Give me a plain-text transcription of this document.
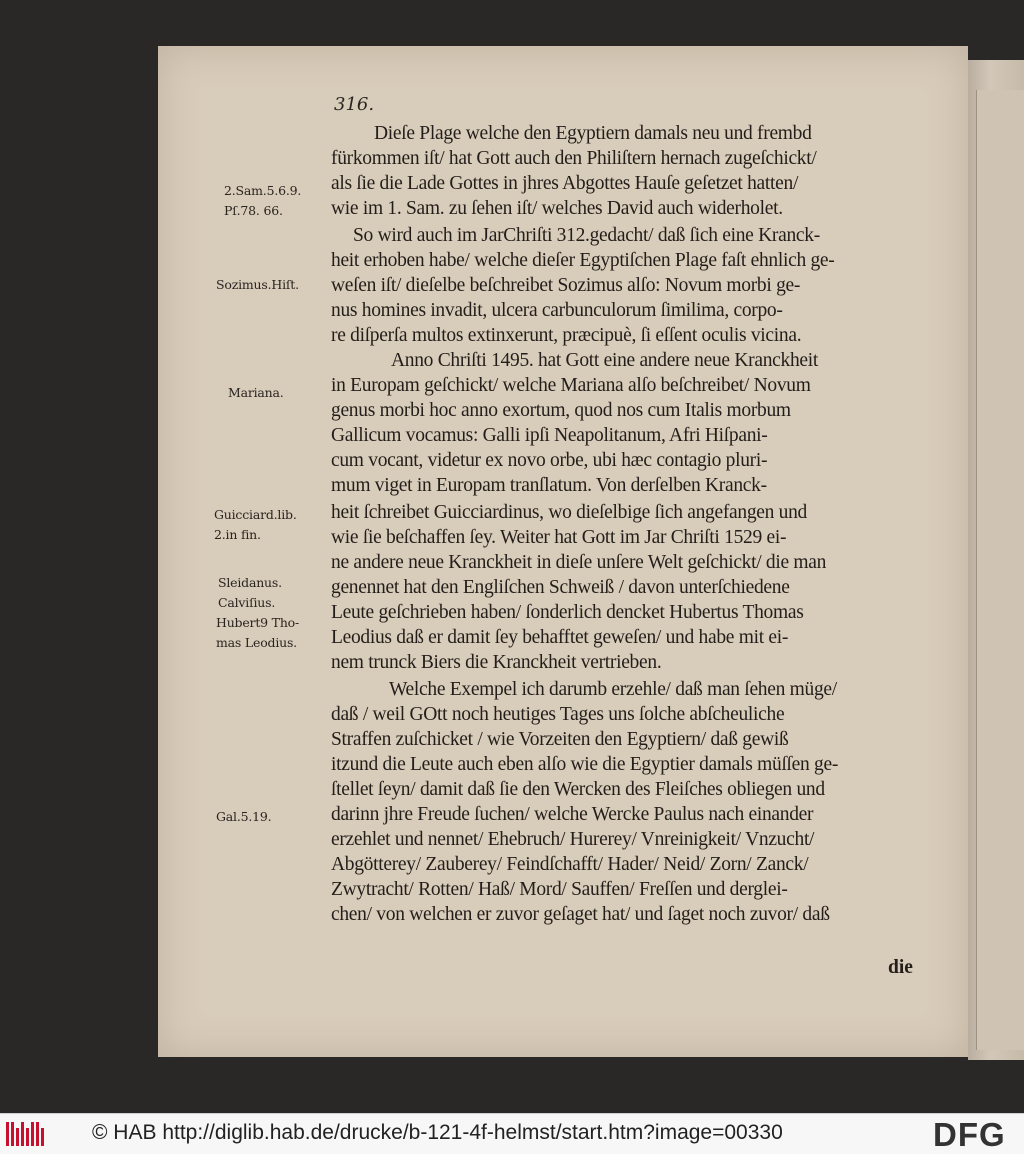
316.
2.Sam.5.6.9.
Pſ.78. 66.
Sozimus.Hiſt.
Mariana.
Guicciard.lib.
2.in fin.
Sleidanus.
Calviſius.
Hubert9 Tho-
mas Leodius.
Gal.5.19.
Dieſe Plage welche den Egyptiern damals neu und frembd
fürkommen iſt/ hat Gott auch den Philiſtern hernach zugeſchickt/
als ſie die Lade Gottes in jhres Abgottes Hauſe geſetzet hatten/
wie im 1. Sam. zu ſehen iſt/ welches David auch widerholet.
So wird auch im JarChriſti 312.gedacht/ daß ſich eine Kranck-
heit erhoben habe/ welche dieſer Egyptiſchen Plage faſt ehnlich ge-
weſen iſt/ dieſelbe beſchreibet Sozimus alſo: Novum morbi ge-
nus homines invadit, ulcera carbunculorum ſimilima, corpo-
re diſperſa multos extinxerunt, præcipuè, ſi eſſent oculis vicina.
Anno Chriſti 1495. hat Gott eine andere neue Kranckheit
in Europam geſchickt/ welche Mariana alſo beſchreibet/ Novum
genus morbi hoc anno exortum, quod nos cum Italis morbum
Gallicum vocamus: Galli ipſi Neapolitanum, Afri Hiſpani-
cum vocant, videtur ex novo orbe, ubi hæc contagio pluri-
mum viget in Europam tranſlatum. Von derſelben Kranck-
heit ſchreibet Guicciardinus, wo dieſelbige ſich angefangen und
wie ſie beſchaffen ſey. Weiter hat Gott im Jar Chriſti 1529 ei-
ne andere neue Kranckheit in dieſe unſere Welt geſchickt/ die man
genennet hat den Engliſchen Schweiß / davon unterſchiedene
Leute geſchrieben haben/ ſonderlich dencket Hubertus Thomas
Leodius daß er damit ſey behafftet geweſen/ und habe mit ei-
nem trunck Biers die Kranckheit vertrieben.
Welche Exempel ich darumb erzehle/ daß man ſehen müge/
daß / weil GOtt noch heutiges Tages uns ſolche abſcheuliche
Straffen zuſchicket / wie Vorzeiten den Egyptiern/ daß gewiß
itzund die Leute auch eben alſo wie die Egyptier damals müſſen ge-
ſtellet ſeyn/ damit daß ſie den Wercken des Fleiſches obliegen und
darinn jhre Freude ſuchen/ welche Wercke Paulus nach einander
erzehlet und nennet/ Ehebruch/ Hurerey/ Vnreinigkeit/ Vnzucht/
Abgötterey/ Zauberey/ Feindſchafft/ Hader/ Neid/ Zorn/ Zanck/
Zwytracht/ Rotten/ Haß/ Mord/ Sauffen/ Freſſen und derglei-
chen/ von welchen er zuvor geſaget hat/ und ſaget noch zuvor/ daß
die
© HAB http://diglib.hab.de/drucke/b-121-4f-helmst/start.htm?image=00330	DFG
